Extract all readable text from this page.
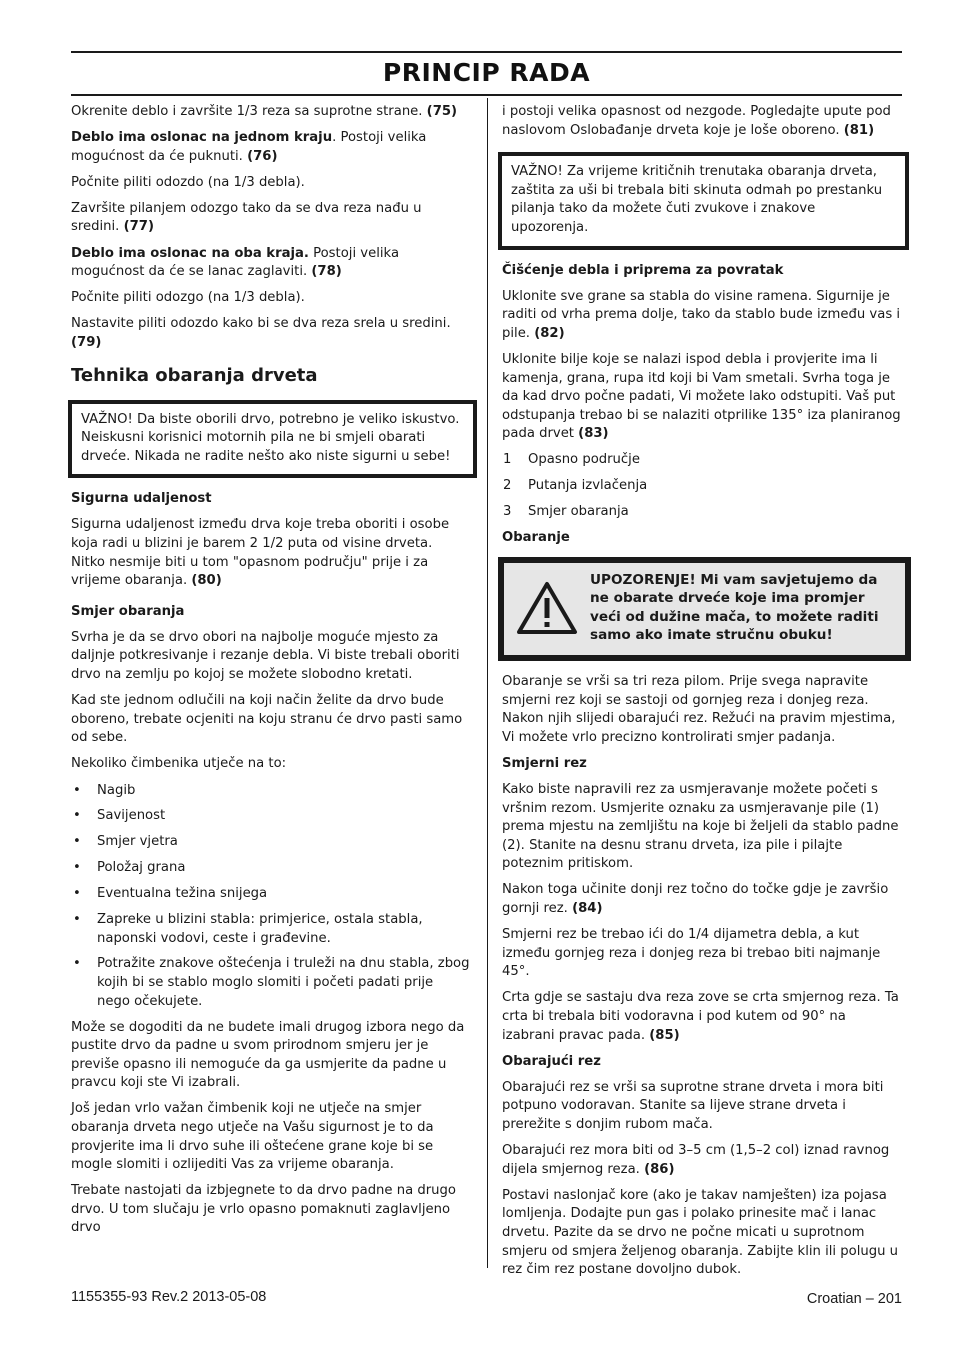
PRINCIP RADA

Okrenite deblo i završite 1/3 reza sa suprotne strane. (75)

Deblo ima oslonac na jednom kraju. Postoji velika mogućnost da će puknuti. (76)

Počnite piliti odozdo (na 1/3 debla).

Završite pilanjem odozgo tako da se dva reza nađu u sredini. (77)

Deblo ima oslonac na oba kraja. Postoji velika mogućnost da će se lanac zaglaviti. (78)

Počnite piliti odozgo (na 1/3 debla).

Nastavite piliti odozdo kako bi se dva reza srela u sredini. (79)

Tehnika obaranja drveta
VAŽNO! Da biste oborili drvo, potrebno je veliko iskustvo. Neiskusni korisnici motornih pila ne bi smjeli obarati drveće. Nikada ne radite nešto ako niste sigurni u sebe!
Sigurna udaljenost

Sigurna udaljenost između drva koje treba oboriti i osobe koja radi u blizini je barem 2 1/2 puta od visine drveta. Nitko nesmije biti u tom "opasnom području" prije i za vrijeme obaranja. (80)

Smjer obaranja

Svrha je da se drvo obori na najbolje moguće mjesto za daljnje potkresivanje i rezanje debla. Vi biste trebali oboriti drvo na zemlju po kojoj se možete slobodno kretati.

Kad ste jednom odlučili na koji način želite da drvo bude oboreno, trebate ocjeniti na koju stranu će drvo pasti samo od sebe.

Nekoliko čimbenika utječe na to:

• Nagib
• Savijenost
• Smjer vjetra
• Položaj grana
• Eventualna težina snijega
• Zapreke u blizini stabla: primjerice, ostala stabla, naponski vodovi, ceste i građevine.
• Potražite znakove oštećenja i truleži na dnu stabla, zbog kojih bi se stablo moglo slomiti i početi padati prije nego očekujete.

Može se dogoditi da ne budete imali drugog izbora nego da pustite drvo da padne u svom prirodnom smjeru jer je previše opasno ili nemoguće da ga usmjerite da padne u pravcu koji ste Vi izabrali.

Još jedan vrlo važan čimbenik koji ne utječe na smjer obaranja drveta nego utječe na Vašu sigurnost je to da provjerite ima li drvo suhe ili oštećene grane koje bi se mogle slomiti i ozlijediti Vas za vrijeme obaranja.

Trebate nastojati da izbjegnete to da drvo padne na drugo drvo. U tom slučaju je vrlo opasno pomaknuti zaglavljeno drvo

i postoji velika opasnost od nezgode. Pogledajte upute pod naslovom Oslobađanje drveta koje je loše oboreno. (81)

VAŽNO! Za vrijeme kritičnih trenutaka obaranja drveta, zaštita za uši bi trebala biti skinuta odmah po prestanku pilanja tako da možete čuti zvukove i znakove upozorenja.
Čišćenje debla i priprema za povratak

Uklonite sve grane sa stabla do visine ramena. Sigurnije je raditi od vrha prema dolje, tako da stablo bude između vas i pile. (82)

Uklonite bilje koje se nalazi ispod debla i provjerite ima li kamenja, grana, rupa itd koji bi Vam smetali. Svrha toga je da kad drvo počne padati, Vi možete lako odstupiti. Vaš put odstupanja trebao bi se nalaziti otprilike 135° iza planiranog pada drvet (83)

1 Opasno područje
2 Putanja izvlačenja
3 Smjer obaranja
Obaranje
UPOZORENJE! Mi vam savjetujemo da ne obarate drveće koje ima promjer veći od dužine mača, to možete raditi samo ako imate stručnu obuku!

Obaranje se vrši sa tri reza pilom. Prije svega napravite smjerni rez koji se sastoji od gornjeg reza i donjeg reza. Nakon njih slijedi obarajući rez. Režući na pravim mjestima, Vi možete vrlo precizno kontrolirati smjer padanja.

Smjerni rez

Kako biste napravili rez za usmjeravanje možete početi s vršnim rezom. Usmjerite oznaku za usmjeravanje pile (1) prema mjestu na zemljištu na koje bi željeli da stablo padne (2). Stanite na desnu stranu drveta, iza pile i pilajte poteznim pritiskom.

Nakon toga učinite donji rez točno do točke gdje je završio gornji rez. (84)

Smjerni rez be trebao ići do 1/4 dijametra debla, a kut između gornjeg reza i donjeg reza bi trebao biti najmanje 45°.

Crta gdje se sastaju dva reza zove se crta smjernog reza. Ta crta bi trebala biti vodoravna i pod kutem od 90° na izabrani pravac pada. (85)

Obarajući rez

Obarajući rez se vrši sa suprotne strane drveta i mora biti potpuno vodoravan. Stanite sa lijeve strane drveta i prerežite s donjim rubom mača.

Obarajući rez mora biti od 3–5 cm (1,5–2 col) iznad ravnog dijela smjernog reza. (86)

Postavi naslonjač kore (ako je takav namješten) iza pojasa lomljenja. Dodajte pun gas i polako prinesite mač i lanac drvetu. Pazite da se drvo ne počne micati u suprotnom smjeru od smjera željenog obaranja. Zabijte klin ili polugu u rez čim rez postane dovoljno dubok.

1155355-93 Rev.2 2013-05-08	Croatian – 201
